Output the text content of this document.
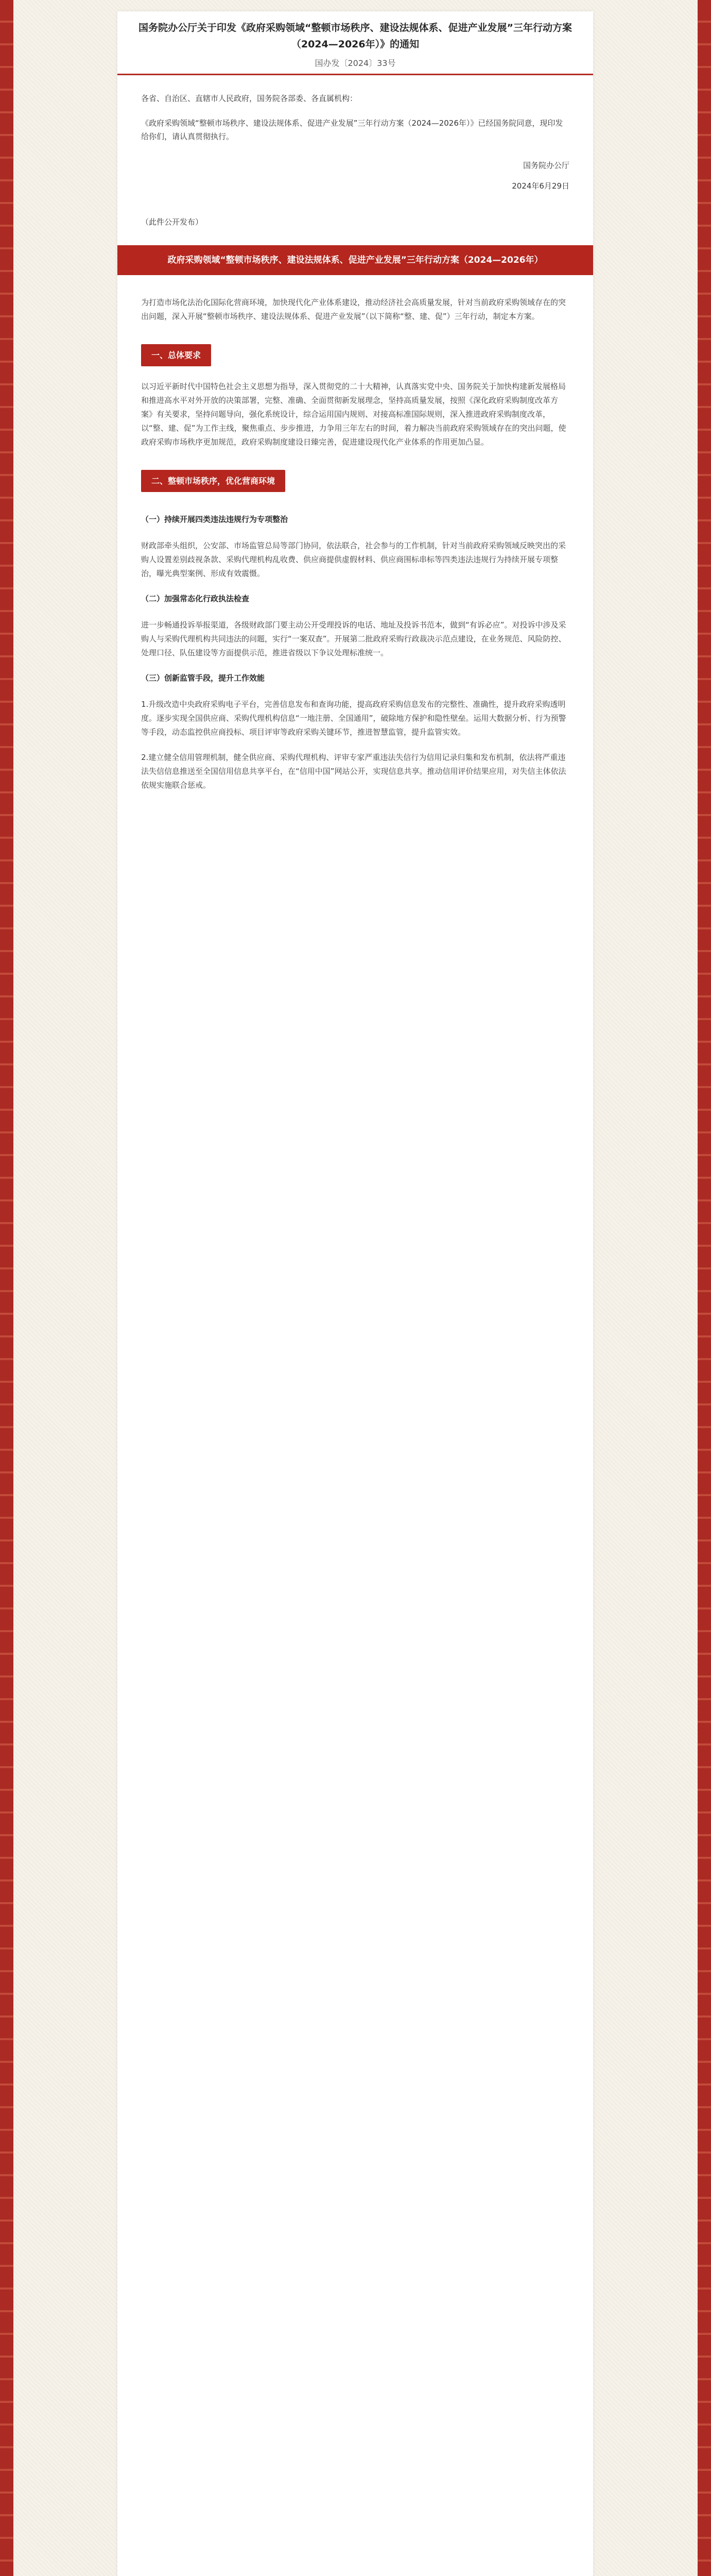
国务院办公厅关于印发《政府采购领域“整顿市场秩序、建设法规体系、促进产业发展”三年行动方案（2024—2026年）》的通知
国办发〔2024〕33号

各省、自治区、直辖市人民政府，国务院各部委、各直属机构：

《政府采购领域“整顿市场秩序、建设法规体系、促进产业发展”三年行动方案（2024—2026年）》已经国务院同意，现印发给你们，请认真贯彻执行。

国务院办公厅

2024年6月29日

（此件公开发布）

政府采购领域“整顿市场秩序、建设法规体系、促进产业发展”三年行动方案（2024—2026年）

为打造市场化法治化国际化营商环境，加快现代化产业体系建设，推动经济社会高质量发展，针对当前政府采购领域存在的突出问题，深入开展“整顿市场秩序、建设法规体系、促进产业发展”（以下简称“整、建、促”）三年行动，制定本方案。

一、总体要求

以习近平新时代中国特色社会主义思想为指导，深入贯彻党的二十大精神，认真落实党中央、国务院关于加快构建新发展格局和推进高水平对外开放的决策部署，完整、准确、全面贯彻新发展理念，坚持高质量发展，按照《深化政府采购制度改革方案》有关要求，坚持问题导向，强化系统设计，综合运用国内规则、对接高标准国际规则，深入推进政府采购制度改革，以“整、建、促”为工作主线，聚焦重点、步步推进，力争用三年左右的时间，着力解决当前政府采购领域存在的突出问题，使政府采购市场秩序更加规范，政府采购制度建设日臻完善，促进建设现代化产业体系的作用更加凸显。

二、整顿市场秩序，优化营商环境
（一）持续开展四类违法违规行为专项整治

财政部牵头组织，公安部、市场监管总局等部门协同，依法联合，社会参与的工作机制，针对当前政府采购领域反映突出的采购人设置差别歧视条款、采购代理机构乱收费、供应商提供虚假材料、供应商围标串标等四类违法违规行为持续开展专项整治，曝光典型案例、形成有效震慑。

（二）加强常态化行政执法检查

进一步畅通投诉举报渠道，各级财政部门要主动公开受理投诉的电话、地址及投诉书范本，做到“有诉必应”。对投诉中涉及采购人与采购代理机构共同违法的问题，实行“一案双查”。开展第二批政府采购行政裁决示范点建设，在业务规范、风险防控、处理口径、队伍建设等方面提供示范，推进省级以下争议处理标准统一。

（三）创新监管手段，提升工作效能

1.升级改造中央政府采购电子平台，完善信息发布和查询功能，提高政府采购信息发布的完整性、准确性，提升政府采购透明度。逐步实现全国供应商、采购代理机构信息“一地注册、全国通用”，破除地方保护和隐性壁垒。运用大数据分析、行为预警等手段，动态监控供应商投标、项目评审等政府采购关键环节，推进智慧监管，提升监管实效。

2.建立健全信用管理机制，健全供应商、采购代理机构、评审专家严重违法失信行为信用记录归集和发布机制，依法将严重违法失信信息推送至全国信用信息共享平台，在“信用中国”网站公开，实现信息共享。推动信用评价结果应用，对失信主体依法依规实施联合惩戒。
